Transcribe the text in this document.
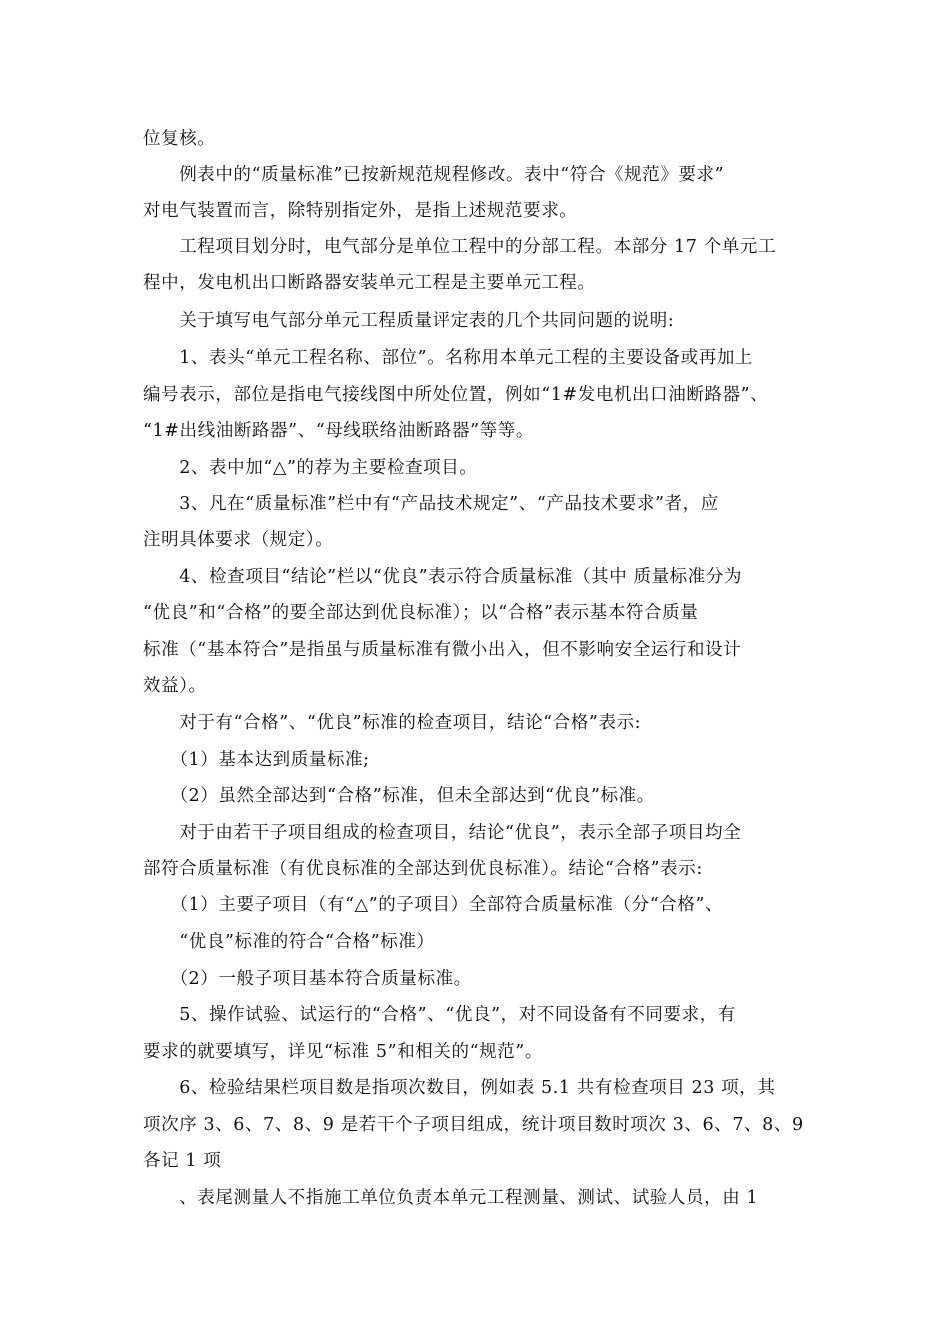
位复核。
　　例表中的“质量标准”已按新规范规程修改。表中“符合《规范》要求”
对电气装置而言，除特别指定外，是指上述规范要求。
　　工程项目划分时，电气部分是单位工程中的分部工程。本部分 17 个单元工
程中，发电机出口断路器安装单元工程是主要单元工程。
　　关于填写电气部分单元工程质量评定表的几个共同问题的说明:
　　1、表头“单元工程名称、部位”。名称用本单元工程的主要设备或再加上
编号表示，部位是指电气接线图中所处位置，例如“1#发电机出口油断路器”、
“1#出线油断路器”、“母线联络油断路器”等等。
　　2、表中加“△”的荐为主要检查项目。
　　3、凡在“质量标准”栏中有“产品技术规定”、“产品技术要求”者，应
注明具体要求（规定）。
　　4、检查项目“结论”栏以“优良”表示符合质量标准（其中 质量标准分为
“优良”和“合格”的要全部达到优良标准）；以“合格”表示基本符合质量
标准（“基本符合”是指虽与质量标准有微小出入，但不影响安全运行和设计
效益）。
　　对于有“合格”、“优良”标准的检查项目，结论“合格”表示:
　　（1）基本达到质量标准;
　　（2）虽然全部达到“合格”标准，但未全部达到“优良”标准。
　　对于由若干子项目组成的检查项目，结论“优良”，表示全部子项目均全
部符合质量标准（有优良标准的全部达到优良标准）。结论“合格”表示:
　　（1）主要子项目（有“△”的子项目）全部符合质量标准（分“合格”、
　　“优良”标准的符合“合格”标准）
　　（2）一般子项目基本符合质量标准。
　　5、操作试验、试运行的“合格”、“优良”，对不同设备有不同要求，有
要求的就要填写，详见“标准 5”和相关的“规范”。
　　6、检验结果栏项目数是指项次数目，例如表 5.1 共有检查项目 23 项，其
项次序 3、6、7、8、9 是若干个子项目组成，统计项目数时项次 3、6、7、8、9
各记 1 项
　　、表尾测量人不指施工单位负责本单元工程测量、测试、试验人员，由 1
